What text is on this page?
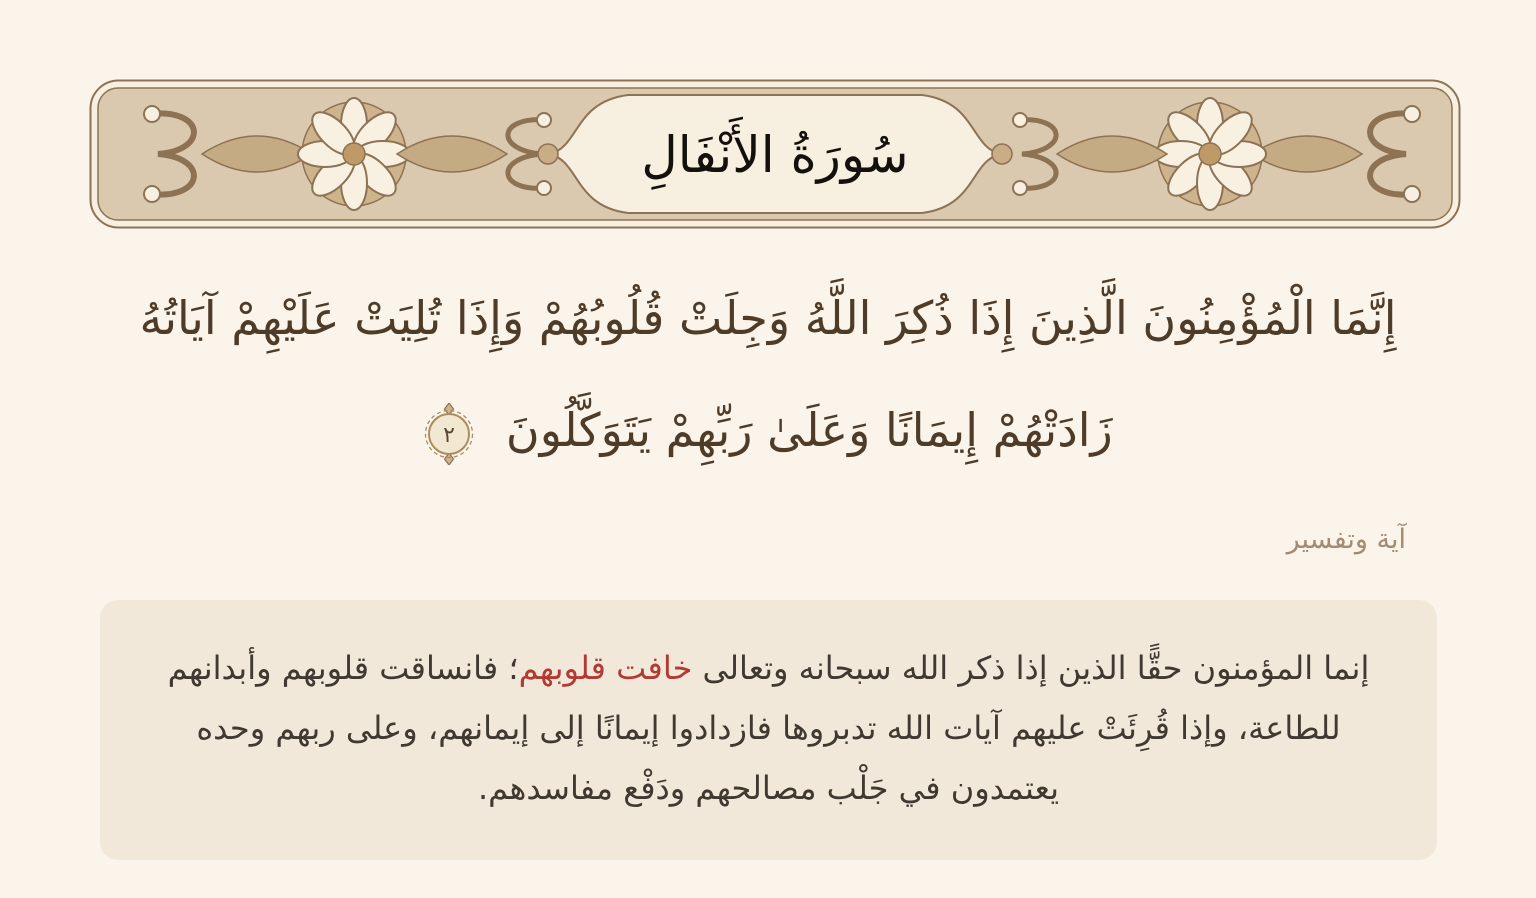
سُورَةُ الأَنْفَالِ
إِنَّمَا الْمُؤْمِنُونَ الَّذِينَ إِذَا ذُكِرَ اللَّهُ وَجِلَتْ قُلُوبُهُمْ وَإِذَا تُلِيَتْ عَلَيْهِمْ آيَاتُهُ
زَادَتْهُمْ إِيمَانًا وَعَلَىٰ رَبِّهِمْ يَتَوَكَّلُونَ
٢
آية وتفسير

إنما المؤمنون حقًّا الذين إذا ذكر الله سبحانه وتعالى خافت قلوبهم؛ فانساقت قلوبهم وأبدانهم للطاعة، وإذا قُرِئَتْ عليهم آيات الله تدبروها فازدادوا إيمانًا إلى إيمانهم، وعلى ربهم وحده يعتمدون في جَلْب مصالحهم ودَفْع مفاسدهم.
